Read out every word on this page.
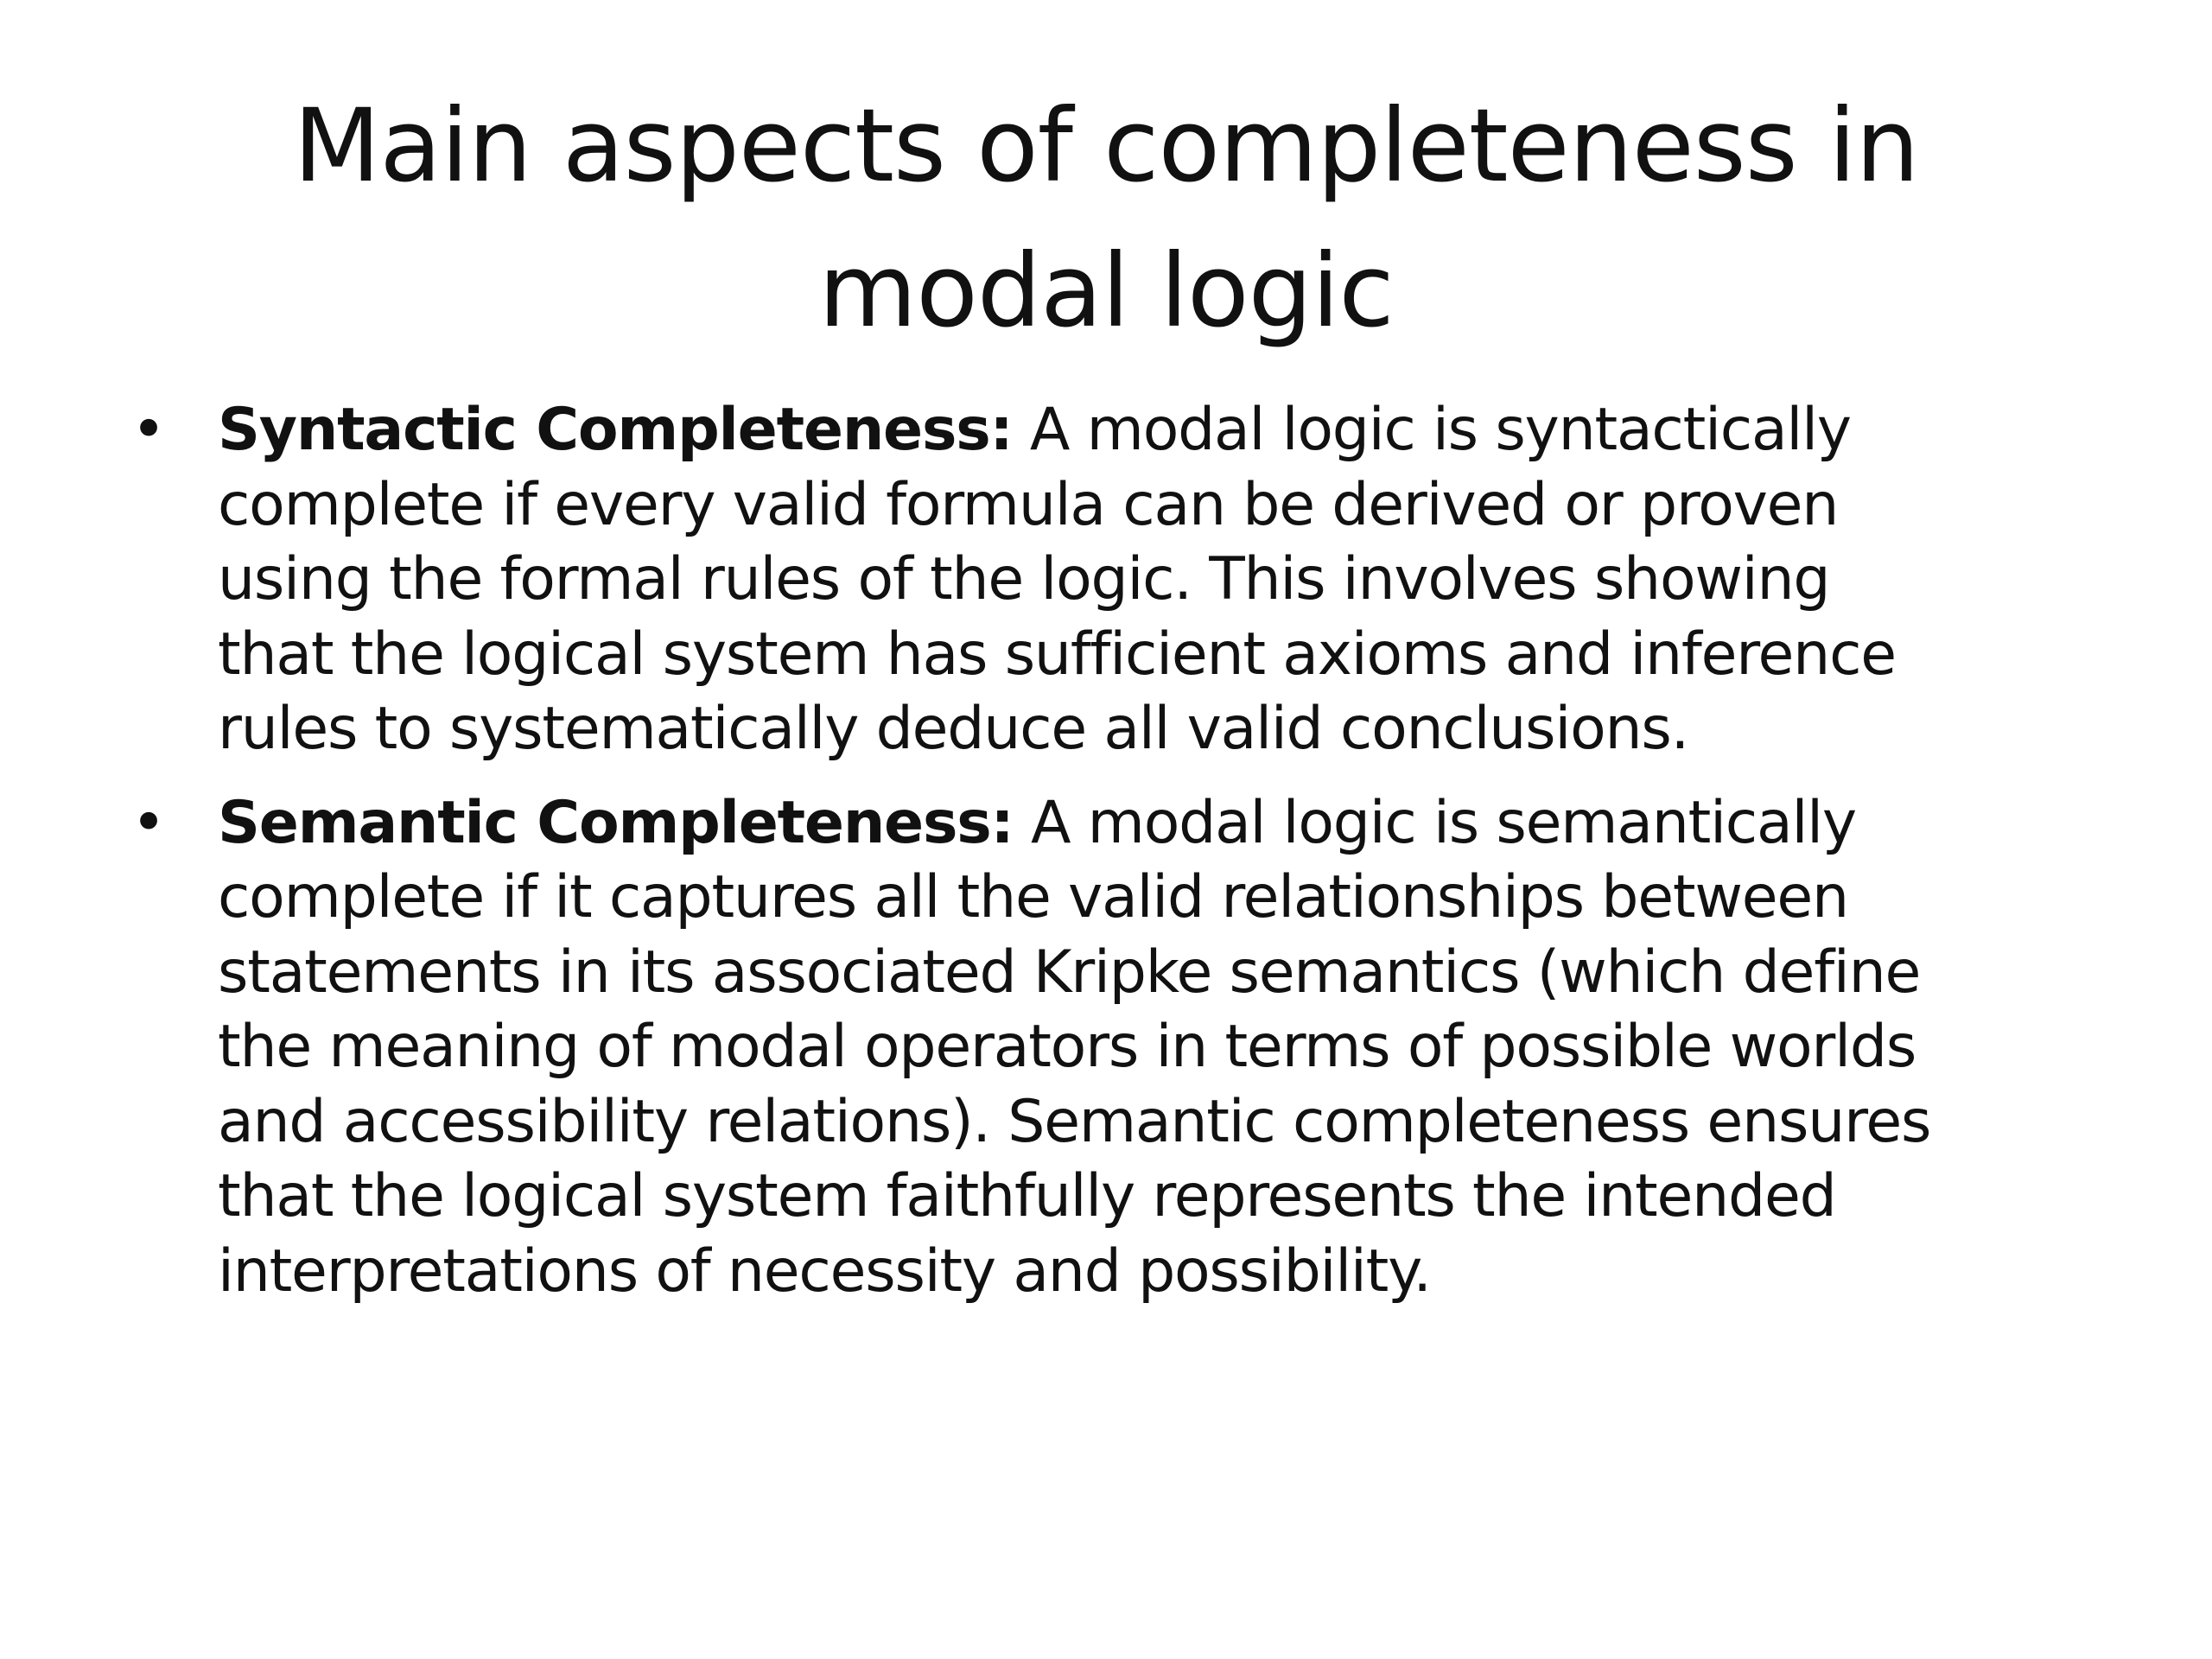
Main aspects of completeness in
modal logic
• Syntactic Completeness: A modal logic is syntactically
complete if every valid formula can be derived or proven
using the formal rules of the logic. This involves showing
that the logical system has sufficient axioms and inference
rules to systematically deduce all valid conclusions.
• Semantic Completeness: A modal logic is semantically
complete if it captures all the valid relationships between
statements in its associated Kripke semantics (which define
the meaning of modal operators in terms of possible worlds
and accessibility relations). Semantic completeness ensures
that the logical system faithfully represents the intended
interpretations of necessity and possibility.
